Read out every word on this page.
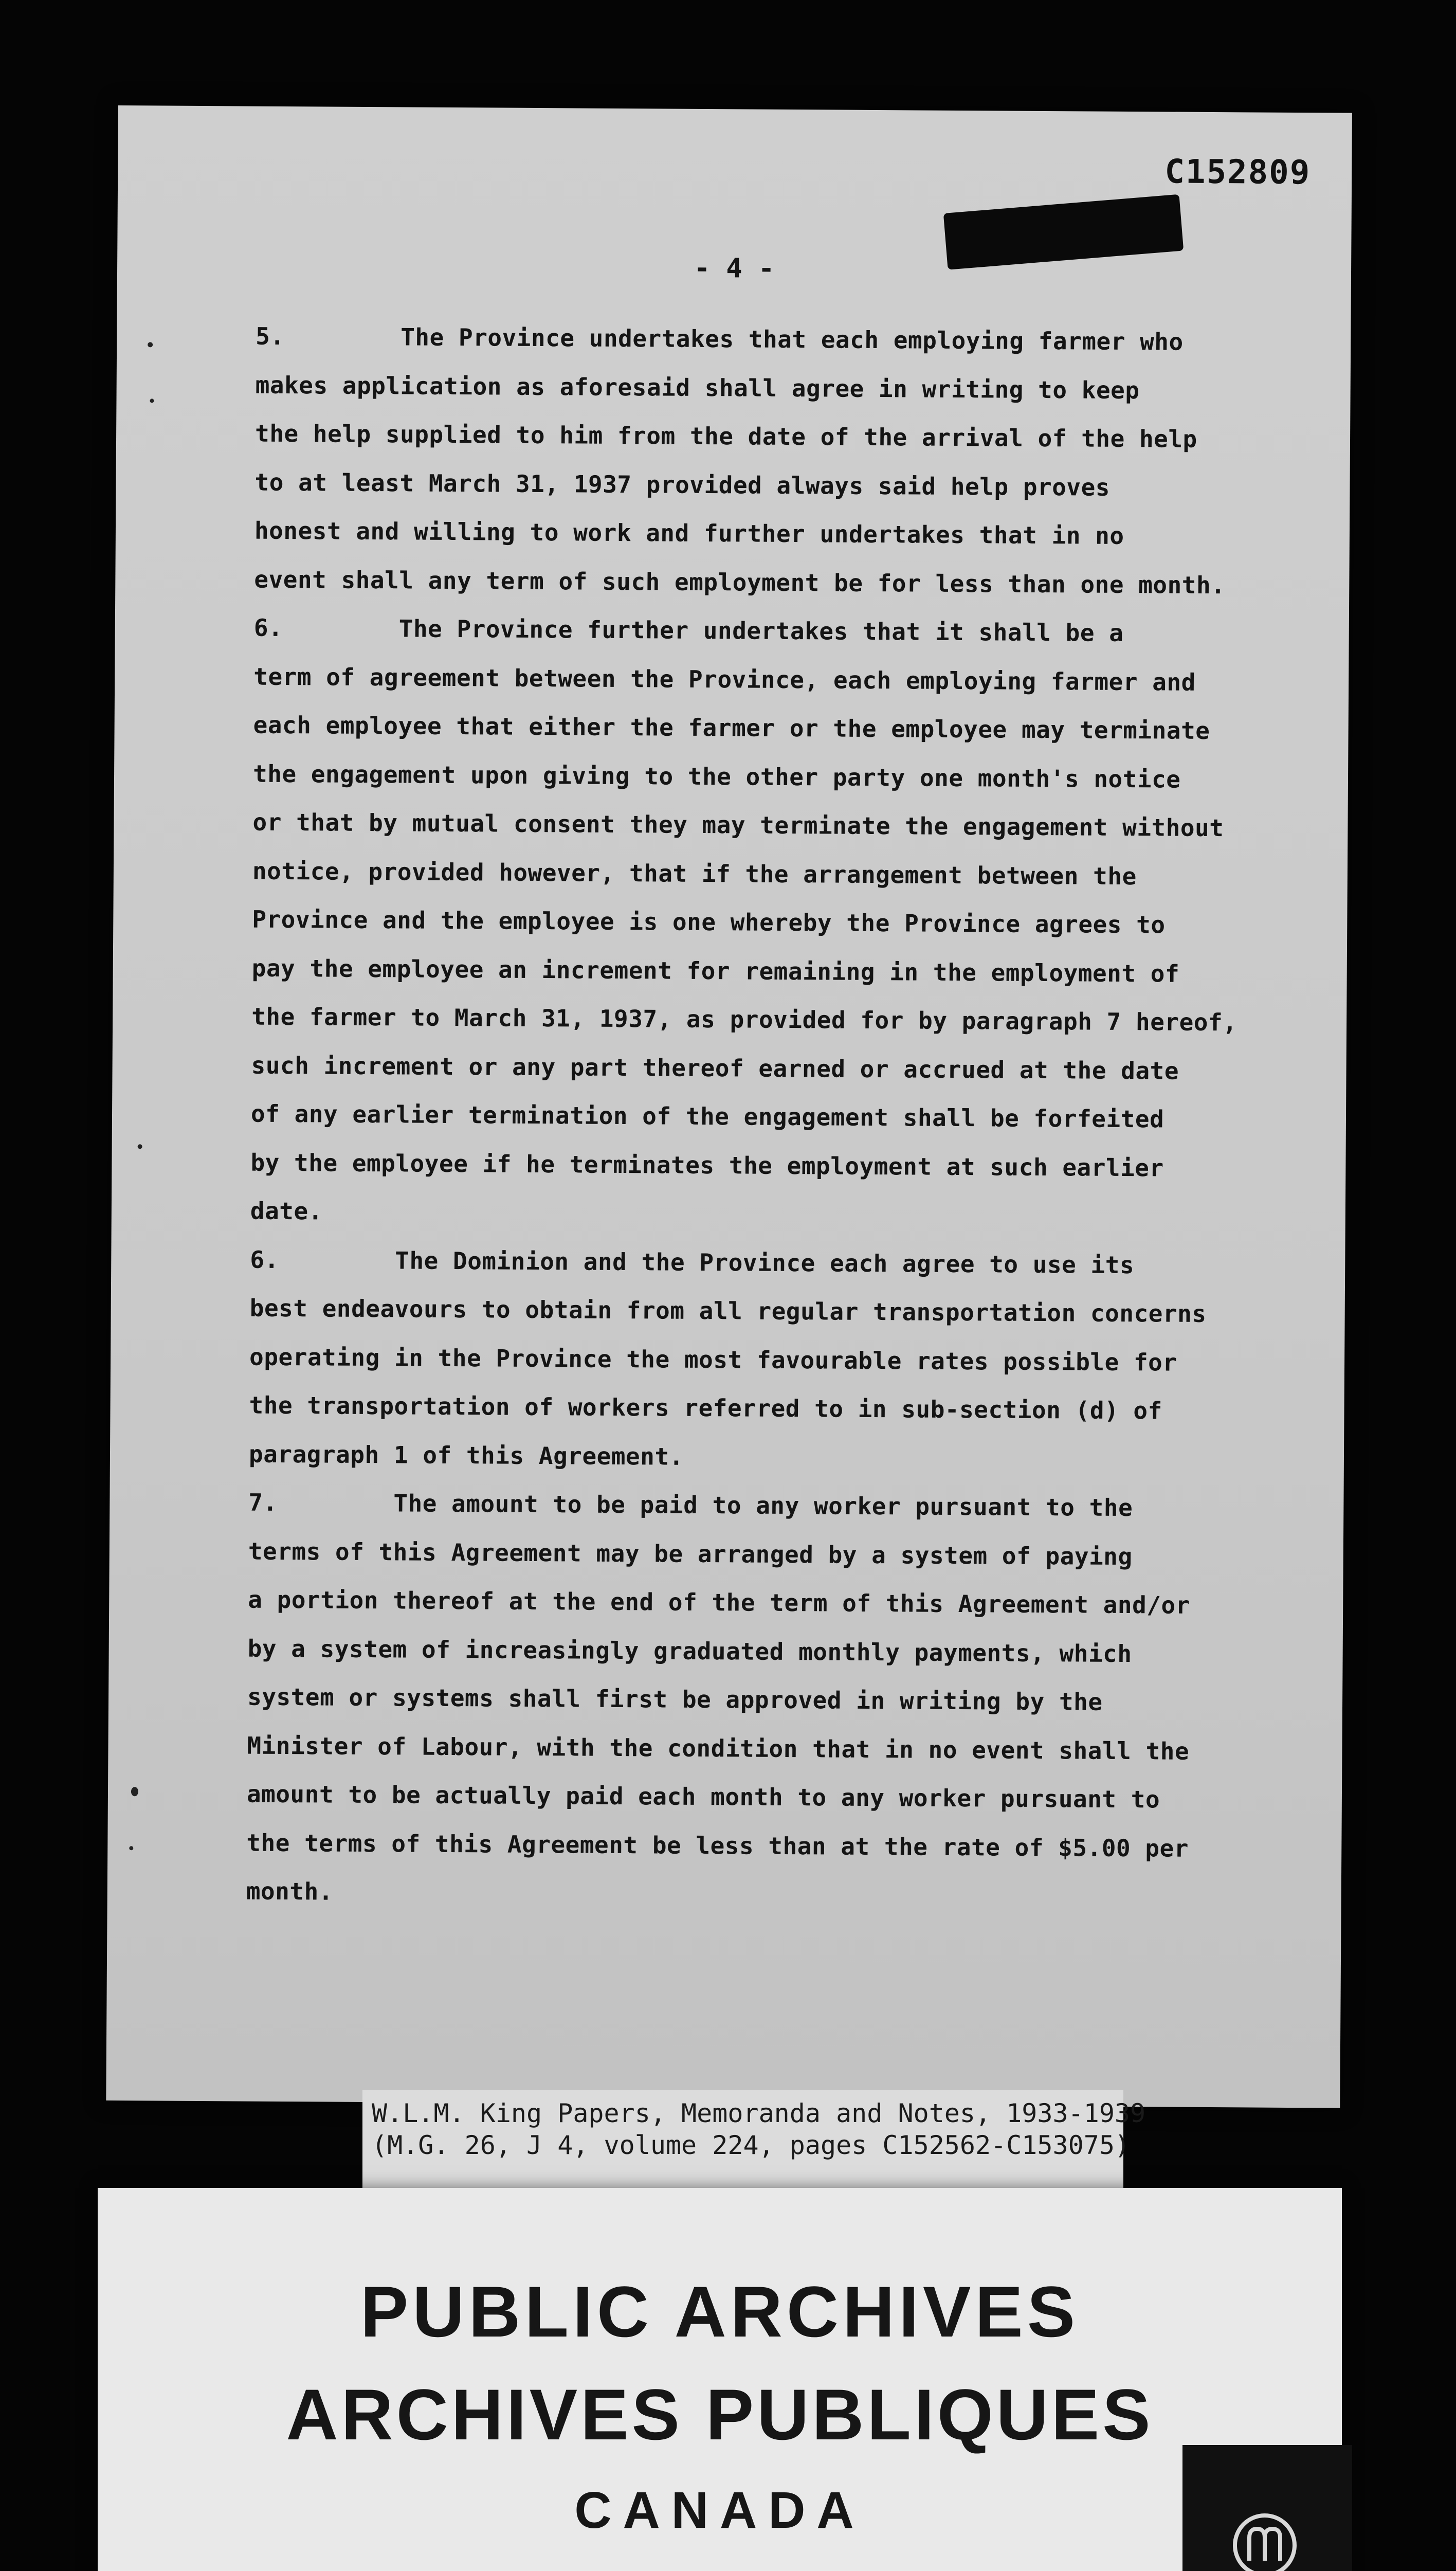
C152809
- 4 -
5.        The Province undertakes that each employing farmer who
makes application as aforesaid shall agree in writing to keep
the help supplied to him from the date of the arrival of the help
to at least March 31, 1937 provided always said help proves
honest and willing to work and further undertakes that in no
event shall any term of such employment be for less than one month.
6.        The Province further undertakes that it shall be a
term of agreement between the Province, each employing farmer and
each employee that either the farmer or the employee may terminate
the engagement upon giving to the other party one month's notice
or that by mutual consent they may terminate the engagement without
notice, provided however, that if the arrangement between the
Province and the employee is one whereby the Province agrees to
pay the employee an increment for remaining in the employment of
the farmer to March 31, 1937, as provided for by paragraph 7 hereof,
such increment or any part thereof earned or accrued at the date
of any earlier termination of the engagement shall be forfeited
by the employee if he terminates the employment at such earlier
date.
6.        The Dominion and the Province each agree to use its
best endeavours to obtain from all regular transportation concerns
operating in the Province the most favourable rates possible for
the transportation of workers referred to in sub-section (d) of
paragraph 1 of this Agreement.
7.        The amount to be paid to any worker pursuant to the
terms of this Agreement may be arranged by a system of paying
a portion thereof at the end of the term of this Agreement and/or
by a system of increasingly graduated monthly payments, which
system or systems shall first be approved in writing by the
Minister of Labour, with the condition that in no event shall the
amount to be actually paid each month to any worker pursuant to
the terms of this Agreement be less than at the rate of $5.00 per
month.
W.L.M. King Papers, Memoranda and Notes, 1933-1939
(M.G. 26, J 4, volume 224, pages C152562-C153075)
PUBLIC ARCHIVES
ARCHIVES PUBLIQUES
CANADA
